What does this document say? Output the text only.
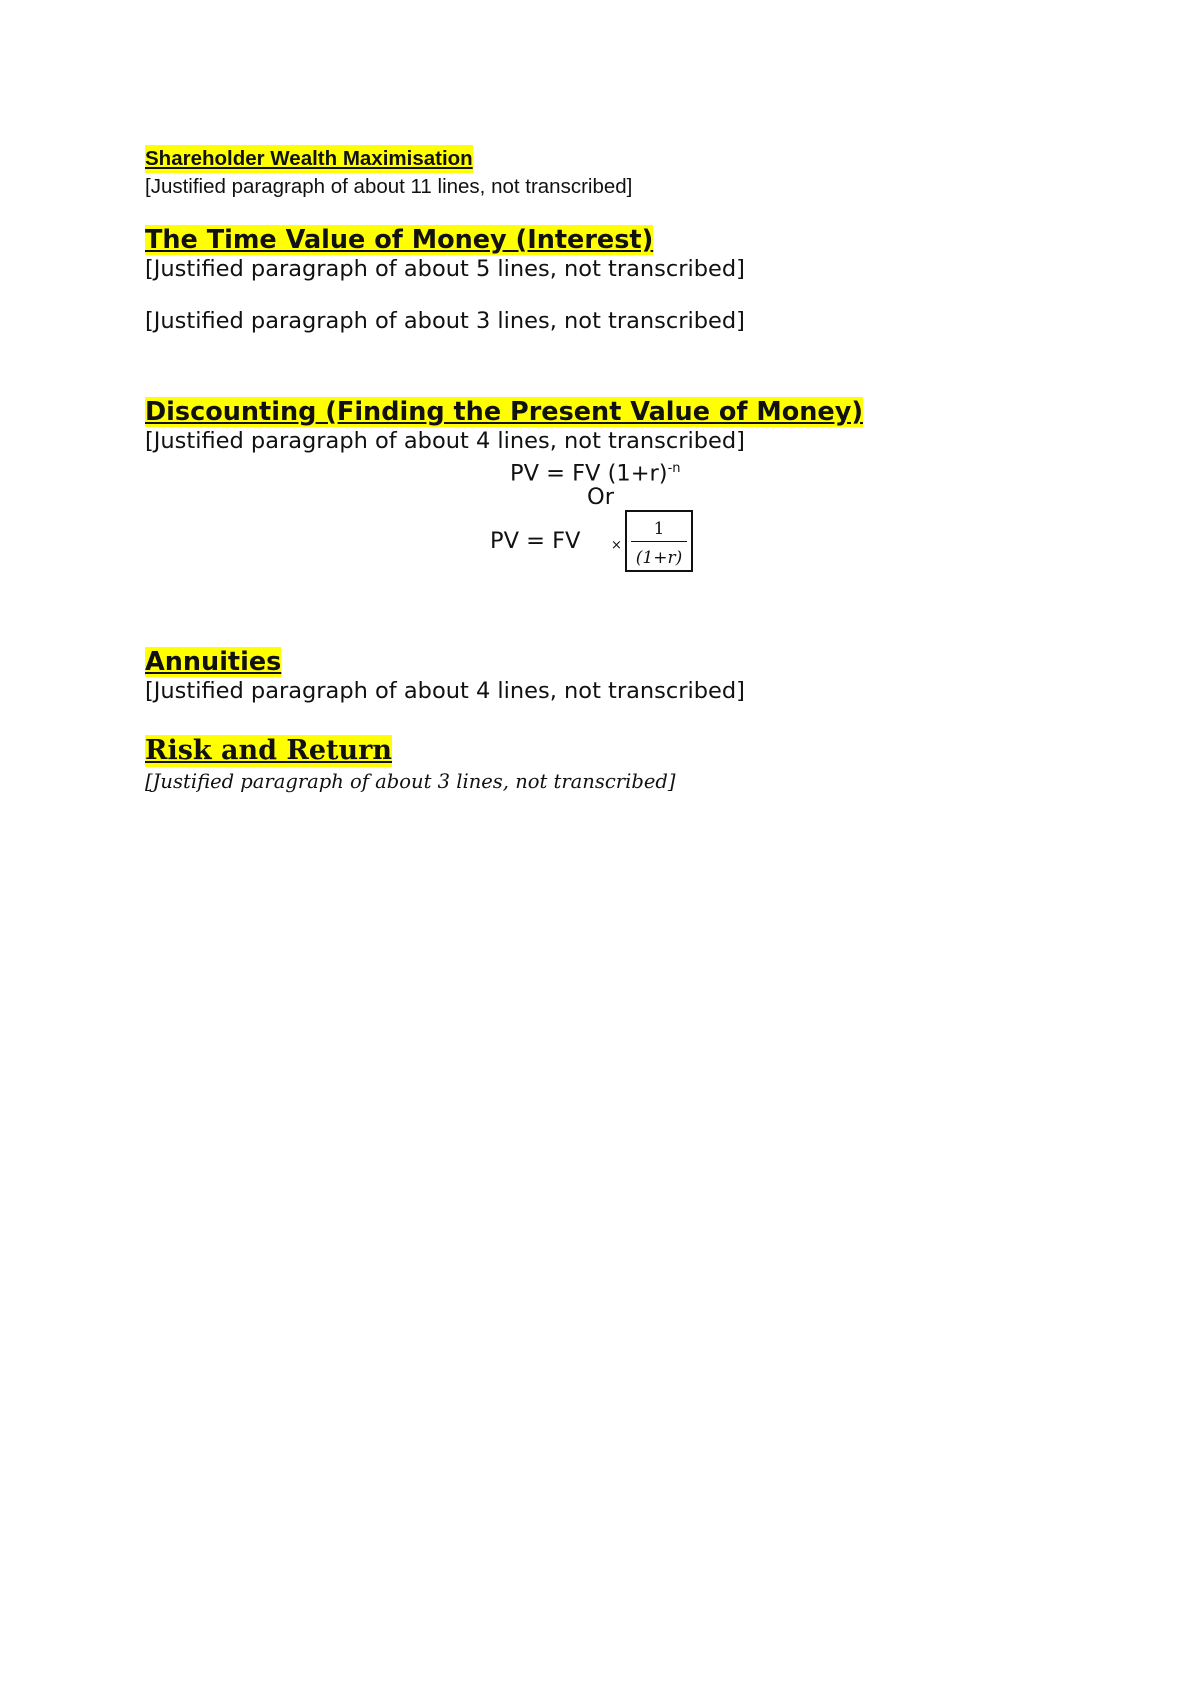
Shareholder Wealth Maximisation

[Justified paragraph of about 11 lines, not transcribed]

The Time Value of Money (Interest)

[Justified paragraph of about 5 lines, not transcribed]

[Justified paragraph of about 3 lines, not transcribed]

Discounting (Finding the Present Value of Money)

[Justified paragraph of about 4 lines, not transcribed]

PV = FV $(1+r)^{-n}$
Or
PV = FV ×
1
(1+r)
Annuities

[Justified paragraph of about 4 lines, not transcribed]

Risk and Return

[Justified paragraph of about 3 lines, not transcribed]
